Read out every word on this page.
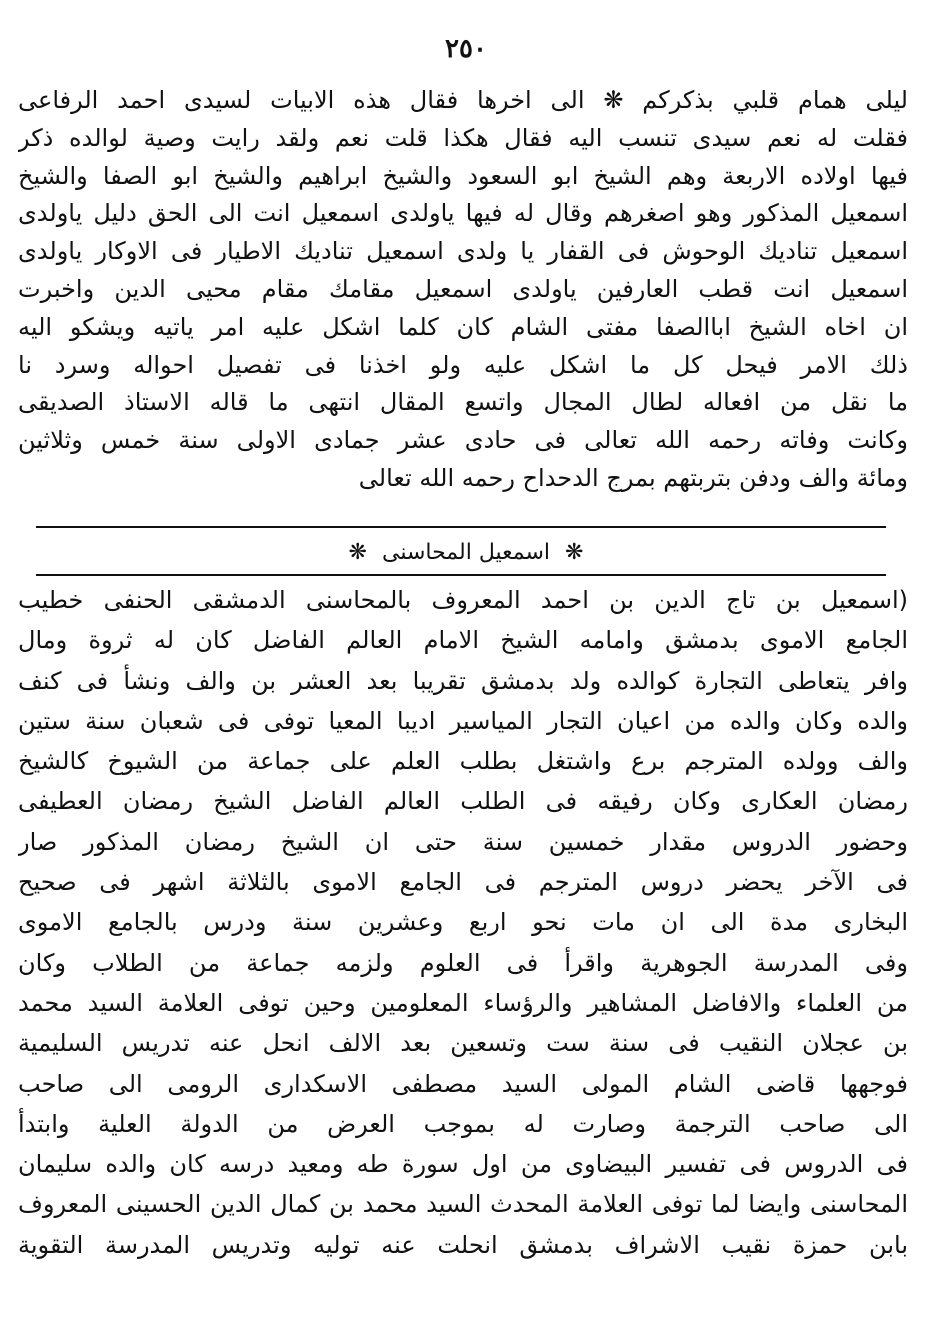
٢٥٠
ليلى همام قلبي بذكركم ❋ الى اخرها فقال هذه الابيات لسيدى احمد الرفاعى
فقلت له نعم سيدى تنسب اليه فقال هكذا قلت نعم ولقد رايت وصية لوالده ذكر
فيها اولاده الاربعة وهم الشيخ ابو السعود والشيخ ابراهيم والشيخ ابو الصفا والشيخ
اسمعيل المذكور وهو اصغرهم وقال له فيها ياولدى اسمعيل انت الى الحق دليل ياولدى
اسمعيل تناديك الوحوش فى القفار يا ولدى اسمعيل تناديك الاطيار فى الاوكار ياولدى
اسمعيل انت قطب العارفين ياولدى اسمعيل مقامك مقام محيى الدين واخبرت
ان اخاه الشيخ اباالصفا مفتى الشام كان كلما اشكل عليه امر ياتيه ويشكو اليه
ذلك الامر فيحل كل ما اشكل عليه ولو اخذنا فى تفصيل احواله وسرد نا
ما نقل من افعاله لطال المجال واتسع المقال انتهى ما قاله الاستاذ الصديقى
وكانت وفاته رحمه الله تعالى فى حادى عشر جمادى الاولى سنة خمس وثلاثين
ومائة والف ودفن بتربتهم بمرج الدحداح رحمه الله تعالى
❋ اسمعيل المحاسنى ❋
(اسمعيل بن تاج الدين بن احمد المعروف بالمحاسنى الدمشقى الحنفى خطيب
الجامع الاموى بدمشق وامامه الشيخ الامام العالم الفاضل كان له ثروة ومال
وافر يتعاطى التجارة كوالده ولد بدمشق تقريبا بعد العشر بن والف ونشأ فى كنف
والده وكان والده من اعيان التجار المياسير اديبا المعيا توفى فى شعبان سنة ستين
والف وولده المترجم برع واشتغل بطلب العلم على جماعة من الشيوخ كالشيخ
رمضان العكارى وكان رفيقه فى الطلب العالم الفاضل الشيخ رمضان العطيفى
وحضور الدروس مقدار خمسين سنة حتى ان الشيخ رمضان المذكور صار
فى الآخر يحضر دروس المترجم فى الجامع الاموى بالثلاثة اشهر فى صحيح
البخارى مدة الى ان مات نحو اربع وعشرين سنة ودرس بالجامع الاموى
وفى المدرسة الجوهرية واقرأ فى العلوم ولزمه جماعة من الطلاب وكان
من العلماء والافاضل المشاهير والرؤساء المعلومين وحين توفى العلامة السيد محمد
بن عجلان النقيب فى سنة ست وتسعين بعد الالف انحل عنه تدريس السليمية
فوجهها قاضى الشام المولى السيد مصطفى الاسكدارى الرومى الى صاحب
الى صاحب الترجمة وصارت له بموجب العرض من الدولة العلية وابتدأ
فى الدروس فى تفسير البيضاوى من اول سورة طه ومعيد درسه كان والده سليمان
المحاسنى وايضا لما توفى العلامة المحدث السيد محمد بن كمال الدين الحسينى المعروف
بابن حمزة نقيب الاشراف بدمشق انحلت عنه توليه وتدريس المدرسة التقوية
